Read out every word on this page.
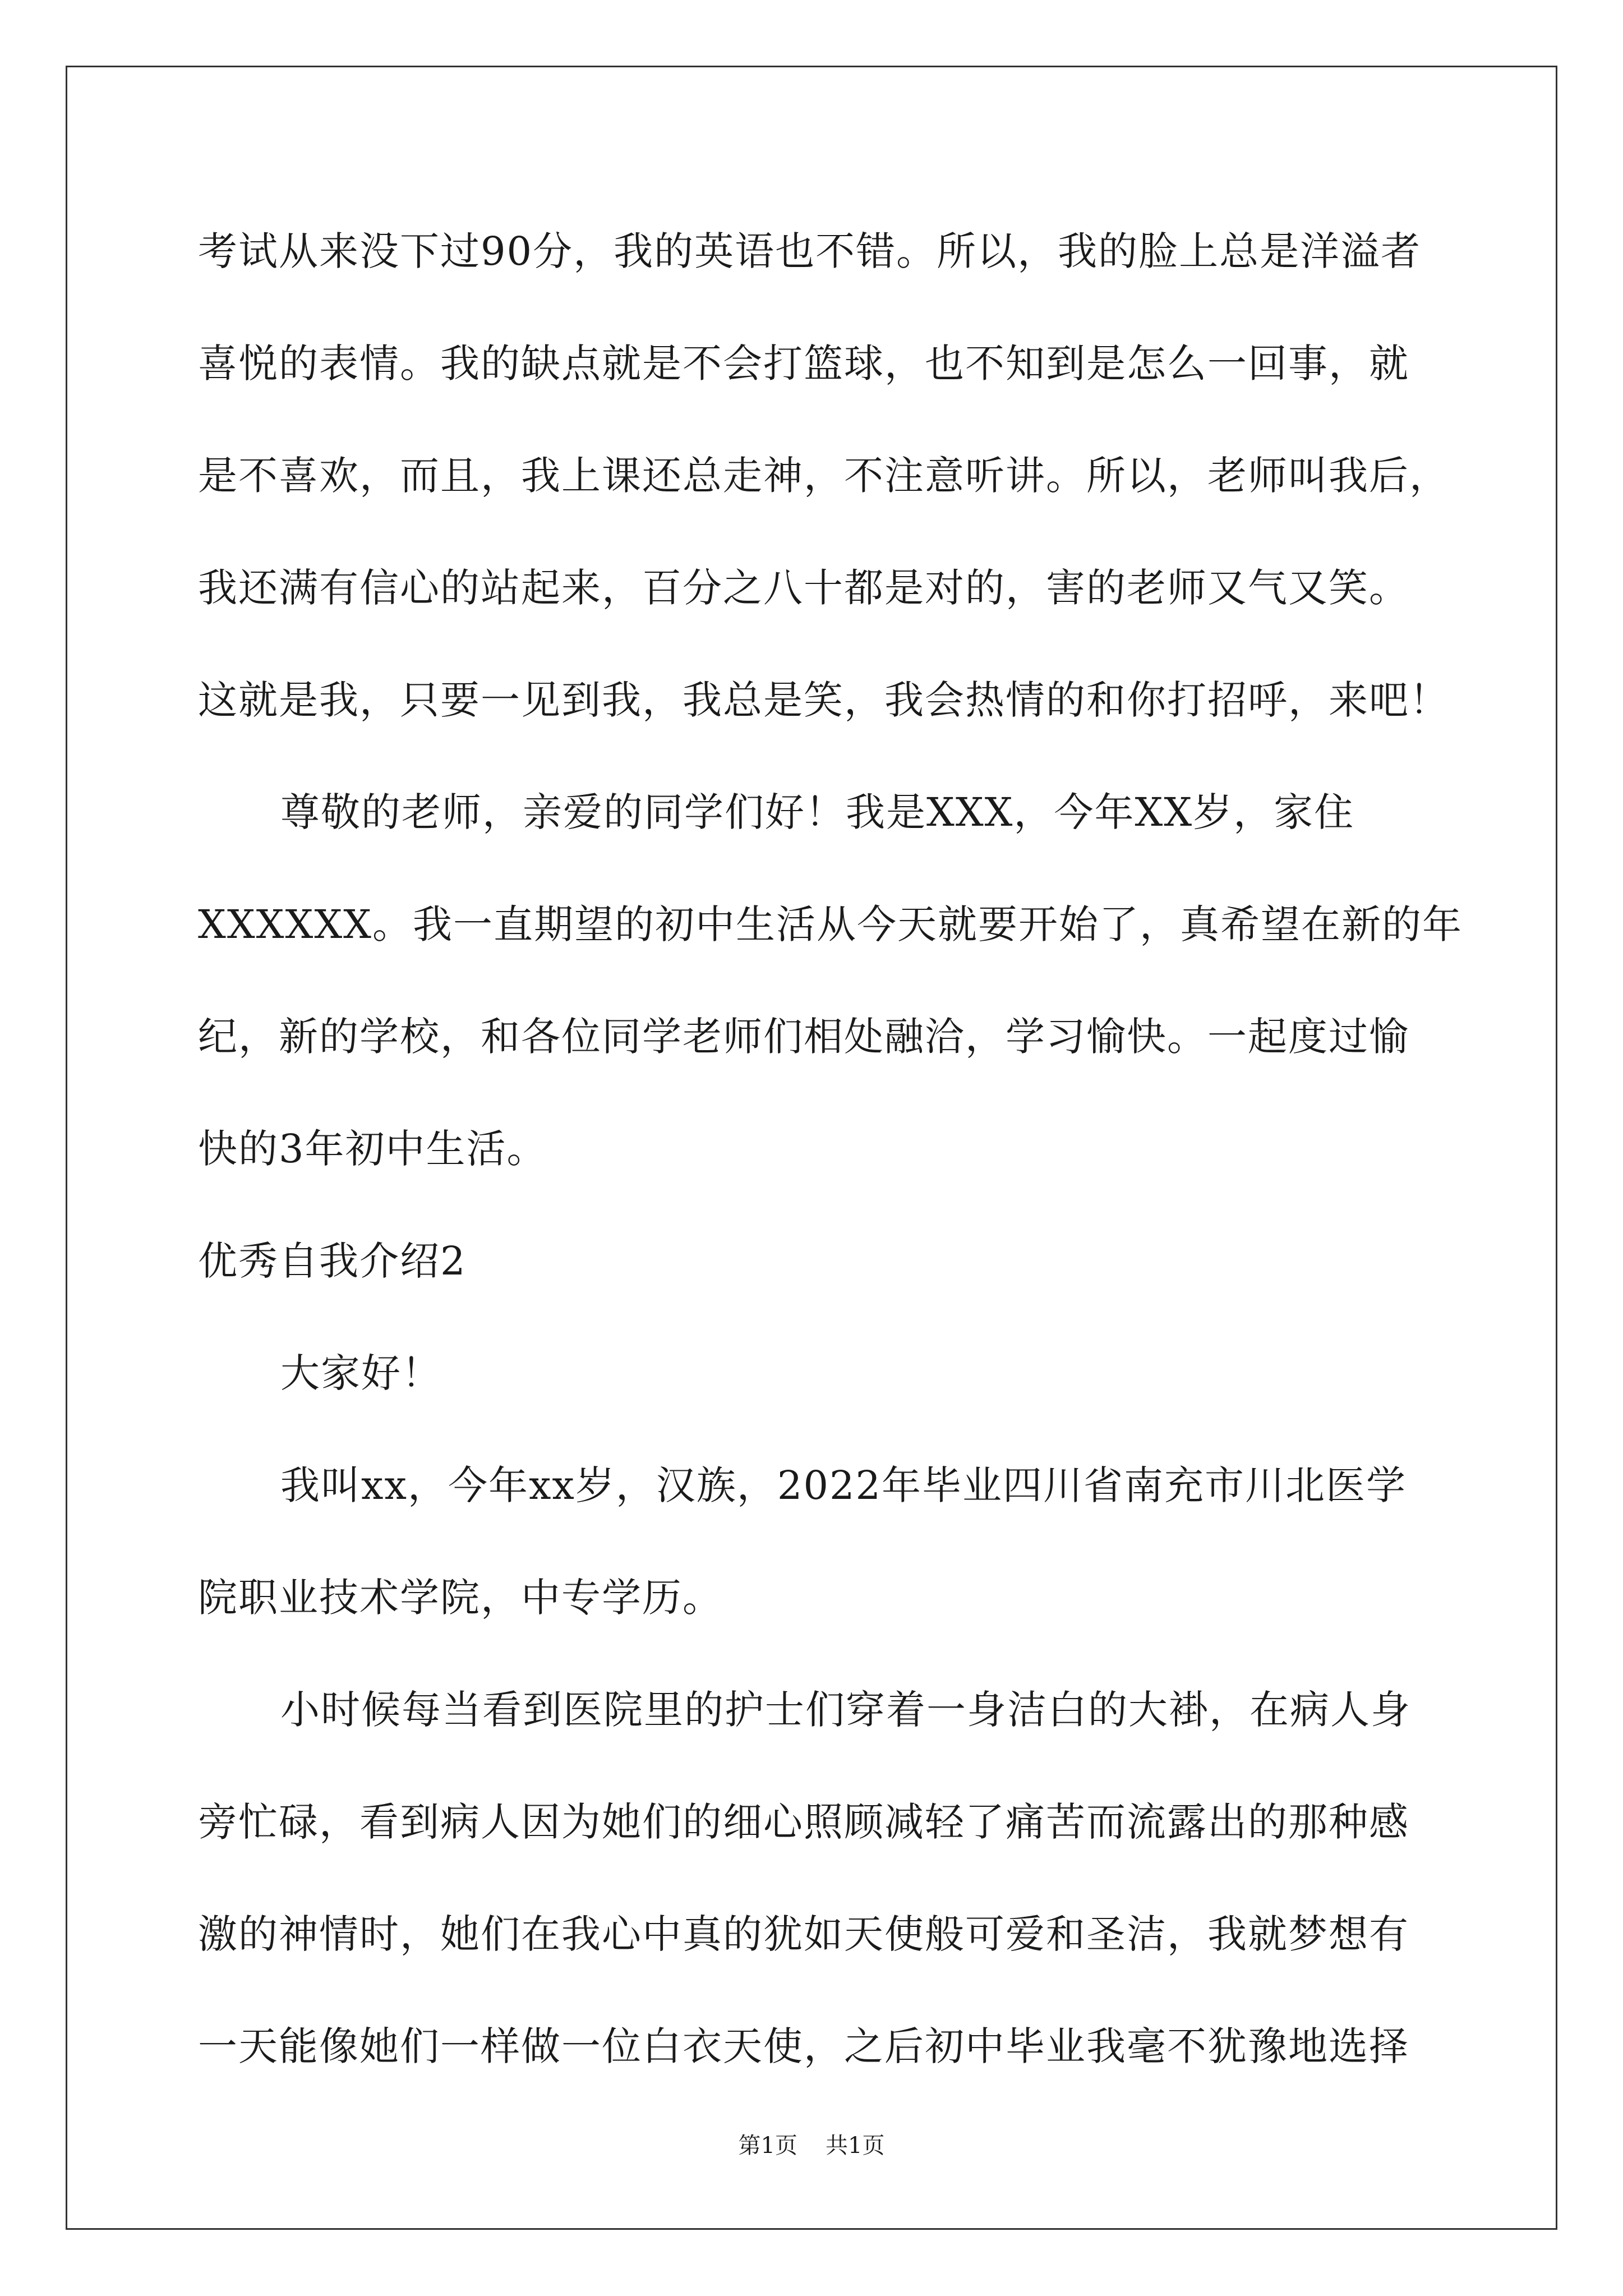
考试从来没下过90分，我的英语也不错。所以，我的脸上总是洋溢者
喜悦的表情。我的缺点就是不会打篮球，也不知到是怎么一回事，就
是不喜欢，而且，我上课还总走神，不注意听讲。所以，老师叫我后，
我还满有信心的站起来，百分之八十都是对的，害的老师又气又笑。
这就是我，只要一见到我，我总是笑，我会热情的和你打招呼，来吧！
尊敬的老师，亲爱的同学们好！我是XXX，今年XX岁，家住
XXXXXX。我一直期望的初中生活从今天就要开始了，真希望在新的年
纪，新的学校，和各位同学老师们相处融洽，学习愉快。一起度过愉
快的3年初中生活。
优秀自我介绍2
大家好！
我叫xx，今年xx岁，汉族，2022年毕业四川省南充市川北医学
院职业技术学院，中专学历。
小时候每当看到医院里的护士们穿着一身洁白的大褂，在病人身
旁忙碌，看到病人因为她们的细心照顾减轻了痛苦而流露出的那种感
激的神情时，她们在我心中真的犹如天使般可爱和圣洁，我就梦想有
一天能像她们一样做一位白衣天使，之后初中毕业我毫不犹豫地选择
第1页 共1页
